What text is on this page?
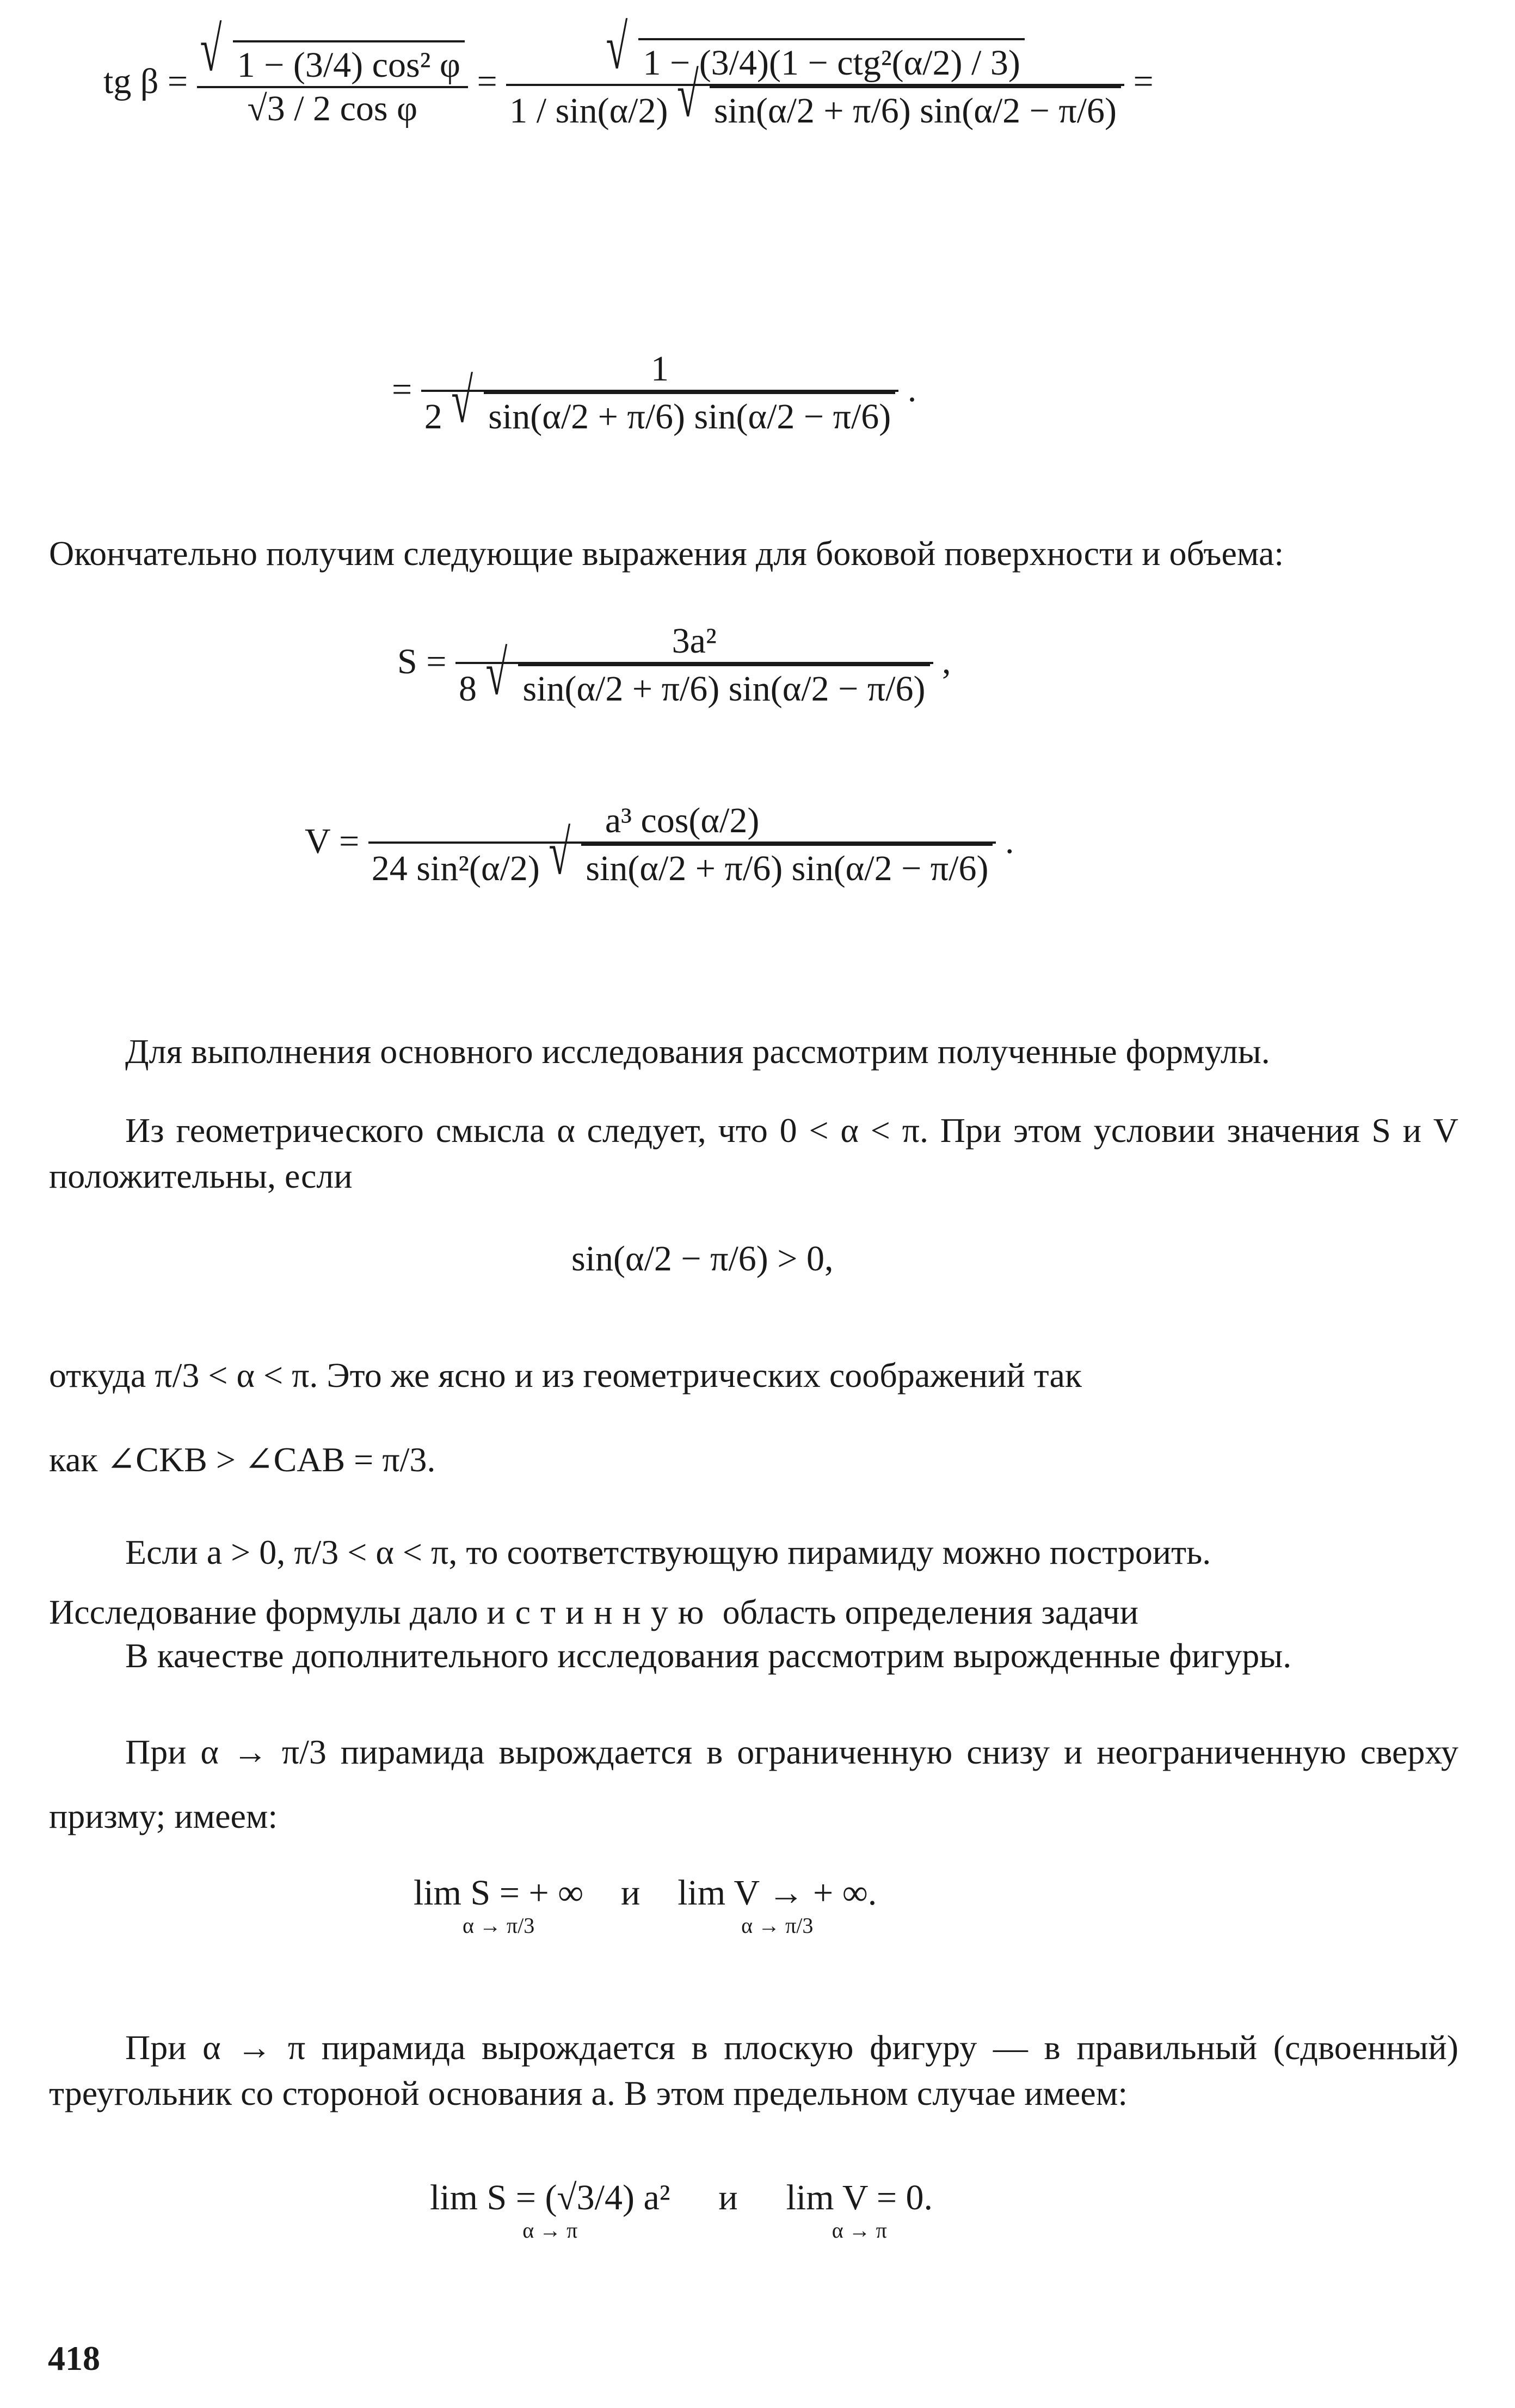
tg β = √ $\frac{\text{1 − (3/4) cos² φ}}{\text{√3 / 2 cos φ}}$ = √ $\frac{\text{1 − (3/4)(1 − ctg²(α/2) / 3)}}{1 / \sin(\alpha/2) √ \sin(\alpha/2 + \pi/6) \sin(\alpha/2 - \pi/6)}$ =
= $\frac{1}{2 √ \sin(\alpha/2 + \pi/6) \sin(\alpha/2 - \pi/6)}$ .
Окончательно получим следующие выражения для боковой поверхности и объема:
$S = \frac{\text{3a²}}{8 √ \sin(\alpha/2 + \pi/6) \sin(\alpha/2 - \pi/6)}$ ,
$V = \frac{\text{a³ cos(α/2)}}{\text{24 sin²(α/2) √ sin(α/2 + π/6) sin(α/2 − π/6)}}$ .
Для выполнения основного исследования рассмотрим полученные формулы.
Из геометрического смысла α следует, что 0 < α < π. При этом условии значения S и V положительны, если
sin(α/2 − π/6) > 0,
откуда π/3 < α < π. Это же ясно и из геометрических соображений так
как ∠CKB > ∠CAB = π/3.
Если a > 0, π/3 < α < π, то соответствующую пирамиду можно построить.
Исследование формулы дало истинную область определения задачи
В качестве дополнительного исследования рассмотрим вырожденные фигуры.
При α → π/3 пирамида вырождается в ограниченную снизу и неограниченную сверху призму; имеем:
lim S = + ∞
α → π/3
и lim V → + ∞.
α → π/3
При α → π пирамида вырождается в плоскую фигуру — в правильный (сдвоенный) треугольник со стороной основания a. В этом предельном случае имеем:
lim S = (√3/4) a²
α → π
и lim V = 0.
α → π
418
